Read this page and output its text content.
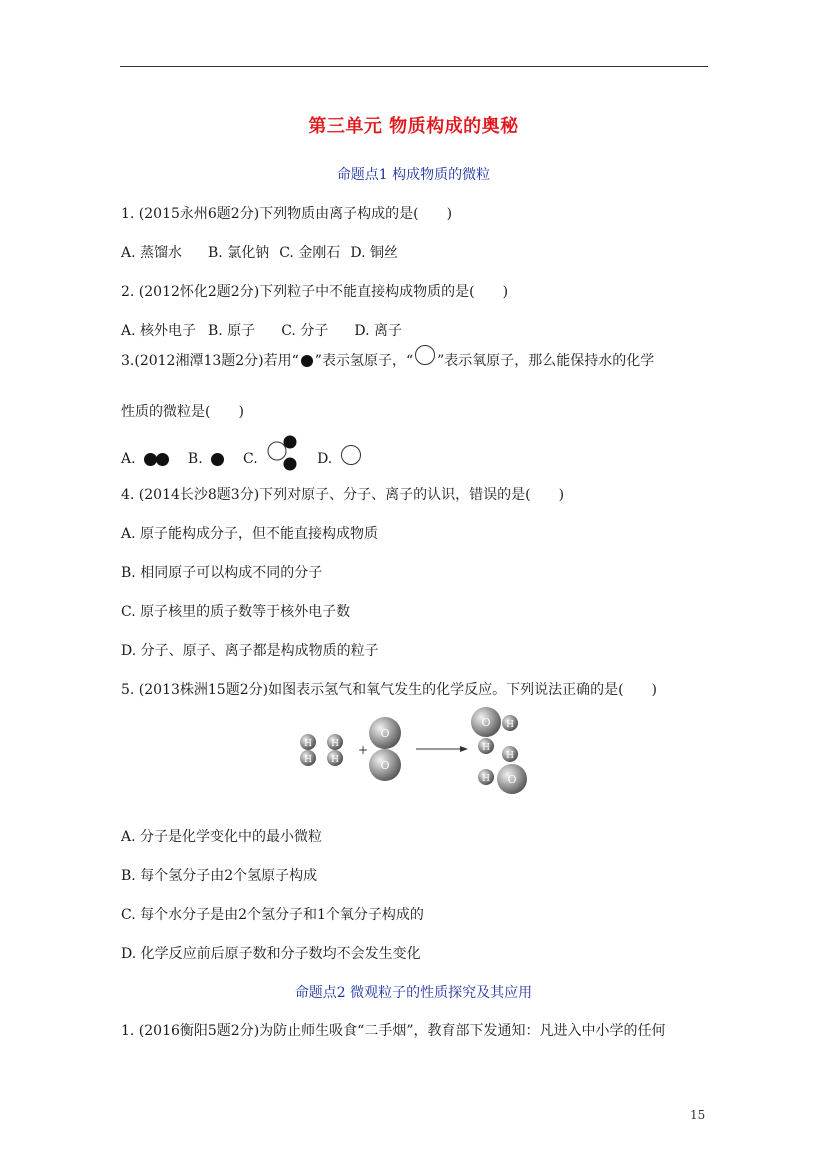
第三单元 物质构成的奥秘
命题点1 构成物质的微粒
1. (2015永州6题2分)下列物质由离子构成的是(　　)
A. 蒸馏水 B. 氯化钠 C. 金刚石 D. 铜丝
2. (2012怀化2题2分)下列粒子中不能直接构成物质的是(　　)
A. 核外电子 B. 原子 C. 分子 D. 离子
3.(2012湘潭13题2分)若用“ ”表示氢原子，“ ”表示氧原子，那么能保持水的化学
性质的微粒是(　　)
A.	B.	C.	D.
4. (2014长沙8题3分)下列对原子、分子、离子的认识，错误的是(　　)
A. 原子能构成分子，但不能直接构成物质
B. 相同原子可以构成不同的分子
C. 原子核里的质子数等于核外电子数
D. 分子、原子、离子都是构成物质的粒子
5. (2013株洲15题2分)如图表示氢气和氧气发生的化学反应。下列说法正确的是(　　)
H
H
H
H
+
O
O
O H
H
H
O
H
A. 分子是化学变化中的最小微粒
B. 每个氢分子由2个氢原子构成
C. 每个水分子是由2个氢分子和1个氧分子构成的
D. 化学反应前后原子数和分子数均不会发生变化
命题点2 微观粒子的性质探究及其应用
1. (2016衡阳5题2分)为防止师生吸食“二手烟”，教育部下发通知：凡进入中小学的任何
15
